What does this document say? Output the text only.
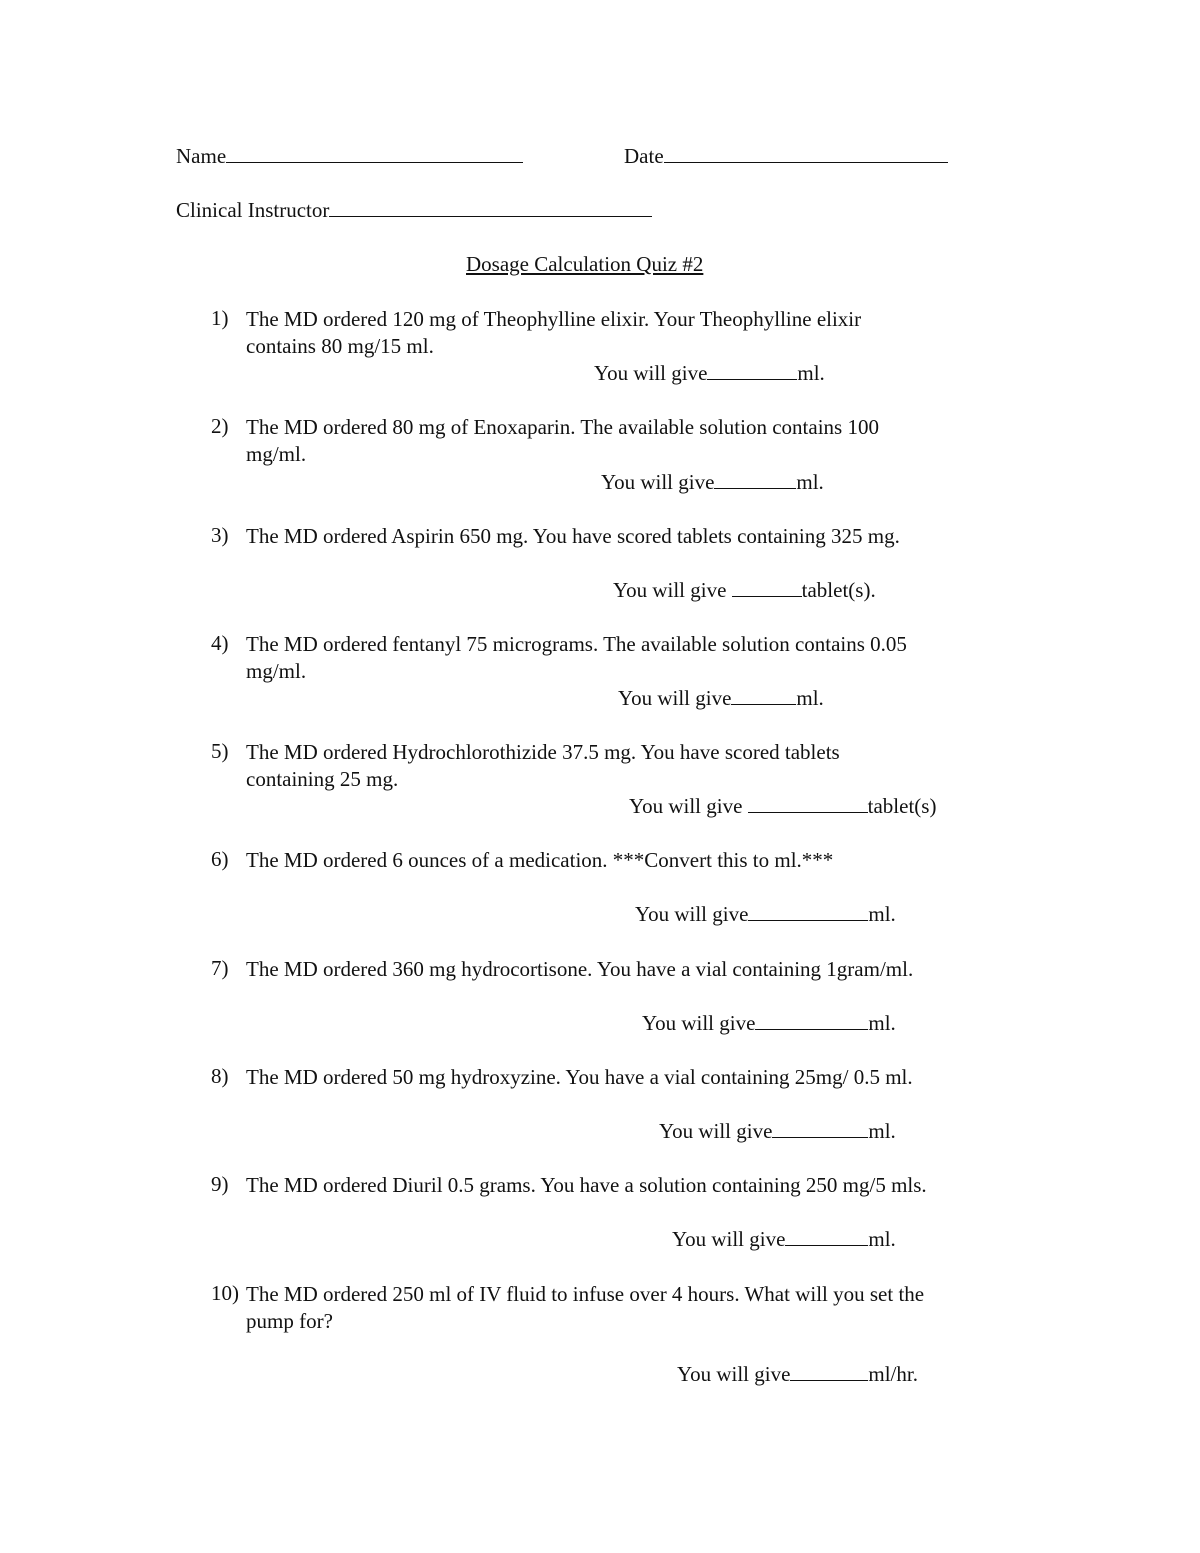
Name	Date
Clinical Instructor
Dosage Calculation Quiz #2
1) The MD ordered 120 mg of Theophylline elixir. Your Theophylline elixir
contains 80 mg/15 ml.
You will give	ml.
2) The MD ordered 80 mg of Enoxaparin. The available solution contains 100
mg/ml.
You will give	ml.
3) The MD ordered Aspirin 650 mg. You have scored tablets containing 325 mg.
You will give	tablet(s).
4) The MD ordered fentanyl 75 micrograms. The available solution contains 0.05
mg/ml.
You will give	ml.
5) The MD ordered Hydrochlorothizide 37.5 mg. You have scored tablets
containing 25 mg.
You will give	tablet(s)
6) The MD ordered 6 ounces of a medication. ***Convert this to ml.***
You will give	ml.
7) The MD ordered 360 mg hydrocortisone. You have a vial containing 1gram/ml.
You will give	ml.
8) The MD ordered 50 mg hydroxyzine. You have a vial containing 25mg/ 0.5 ml.
You will give	ml.
9) The MD ordered Diuril 0.5 grams. You have a solution containing 250 mg/5 mls.
You will give	ml.
10) The MD ordered 250 ml of IV fluid to infuse over 4 hours. What will you set the
pump for?
You will give	ml/hr.
